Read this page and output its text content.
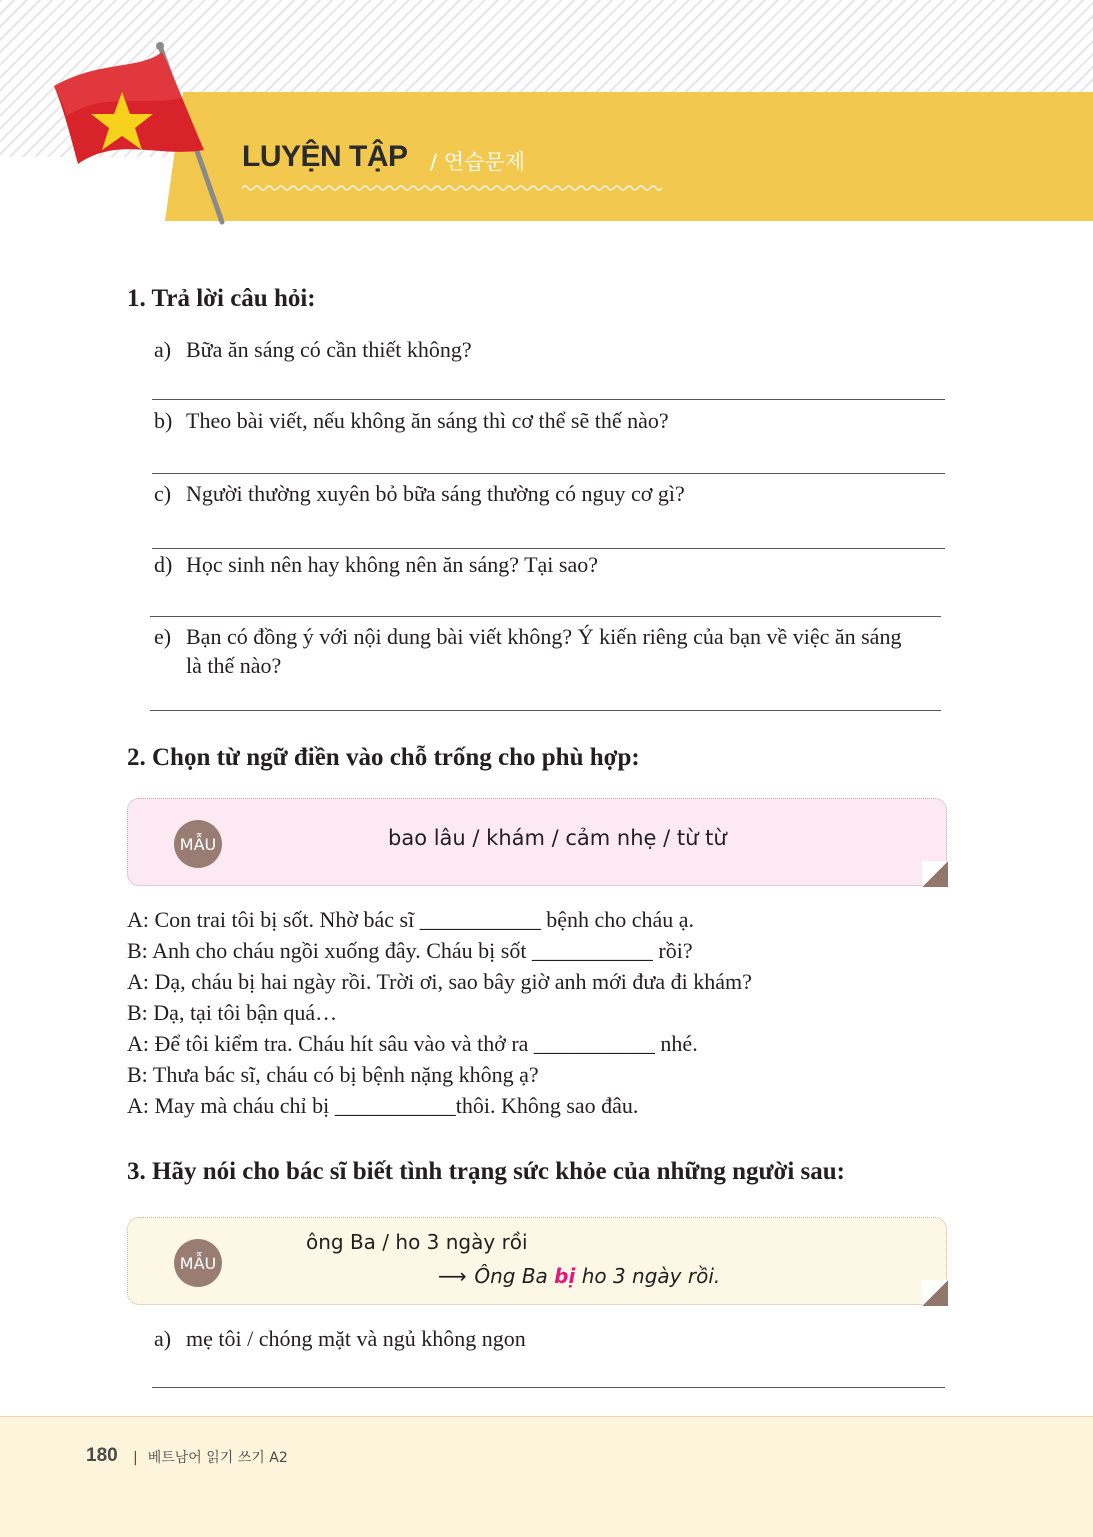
LUYỆN TẬP / 연습문제
1. Trả lời câu hỏi:
a) Bữa ăn sáng có cần thiết không?
b) Theo bài viết, nếu không ăn sáng thì cơ thể sẽ thế nào?
c) Người thường xuyên bỏ bữa sáng thường có nguy cơ gì?
d) Học sinh nên hay không nên ăn sáng? Tại sao?
e) Bạn có đồng ý với nội dung bài viết không? Ý kiến riêng của bạn về việc ăn sáng là thế nào?
2. Chọn từ ngữ điền vào chỗ trống cho phù hợp:
MẪU	bao lâu / khám / cảm nhẹ / từ từ
A: Con trai tôi bị sốt. Nhờ bác sĩ ___________ bệnh cho cháu ạ.
B: Anh cho cháu ngồi xuống đây. Cháu bị sốt ___________ rồi?
A: Dạ, cháu bị hai ngày rồi. Trời ơi, sao bây giờ anh mới đưa đi khám?
B: Dạ, tại tôi bận quá…
A: Để tôi kiểm tra. Cháu hít sâu vào và thở ra ___________ nhé.
B: Thưa bác sĩ, cháu có bị bệnh nặng không ạ?
A: May mà cháu chỉ bị ___________thôi. Không sao đâu.
3. Hãy nói cho bác sĩ biết tình trạng sức khỏe của những người sau:
MẪU
ông Ba / ho 3 ngày rồi
⟶ Ông Ba bị ho 3 ngày rồi.
a) mẹ tôi / chóng mặt và ngủ không ngon
180 | 베트남어 읽기 쓰기 A2
